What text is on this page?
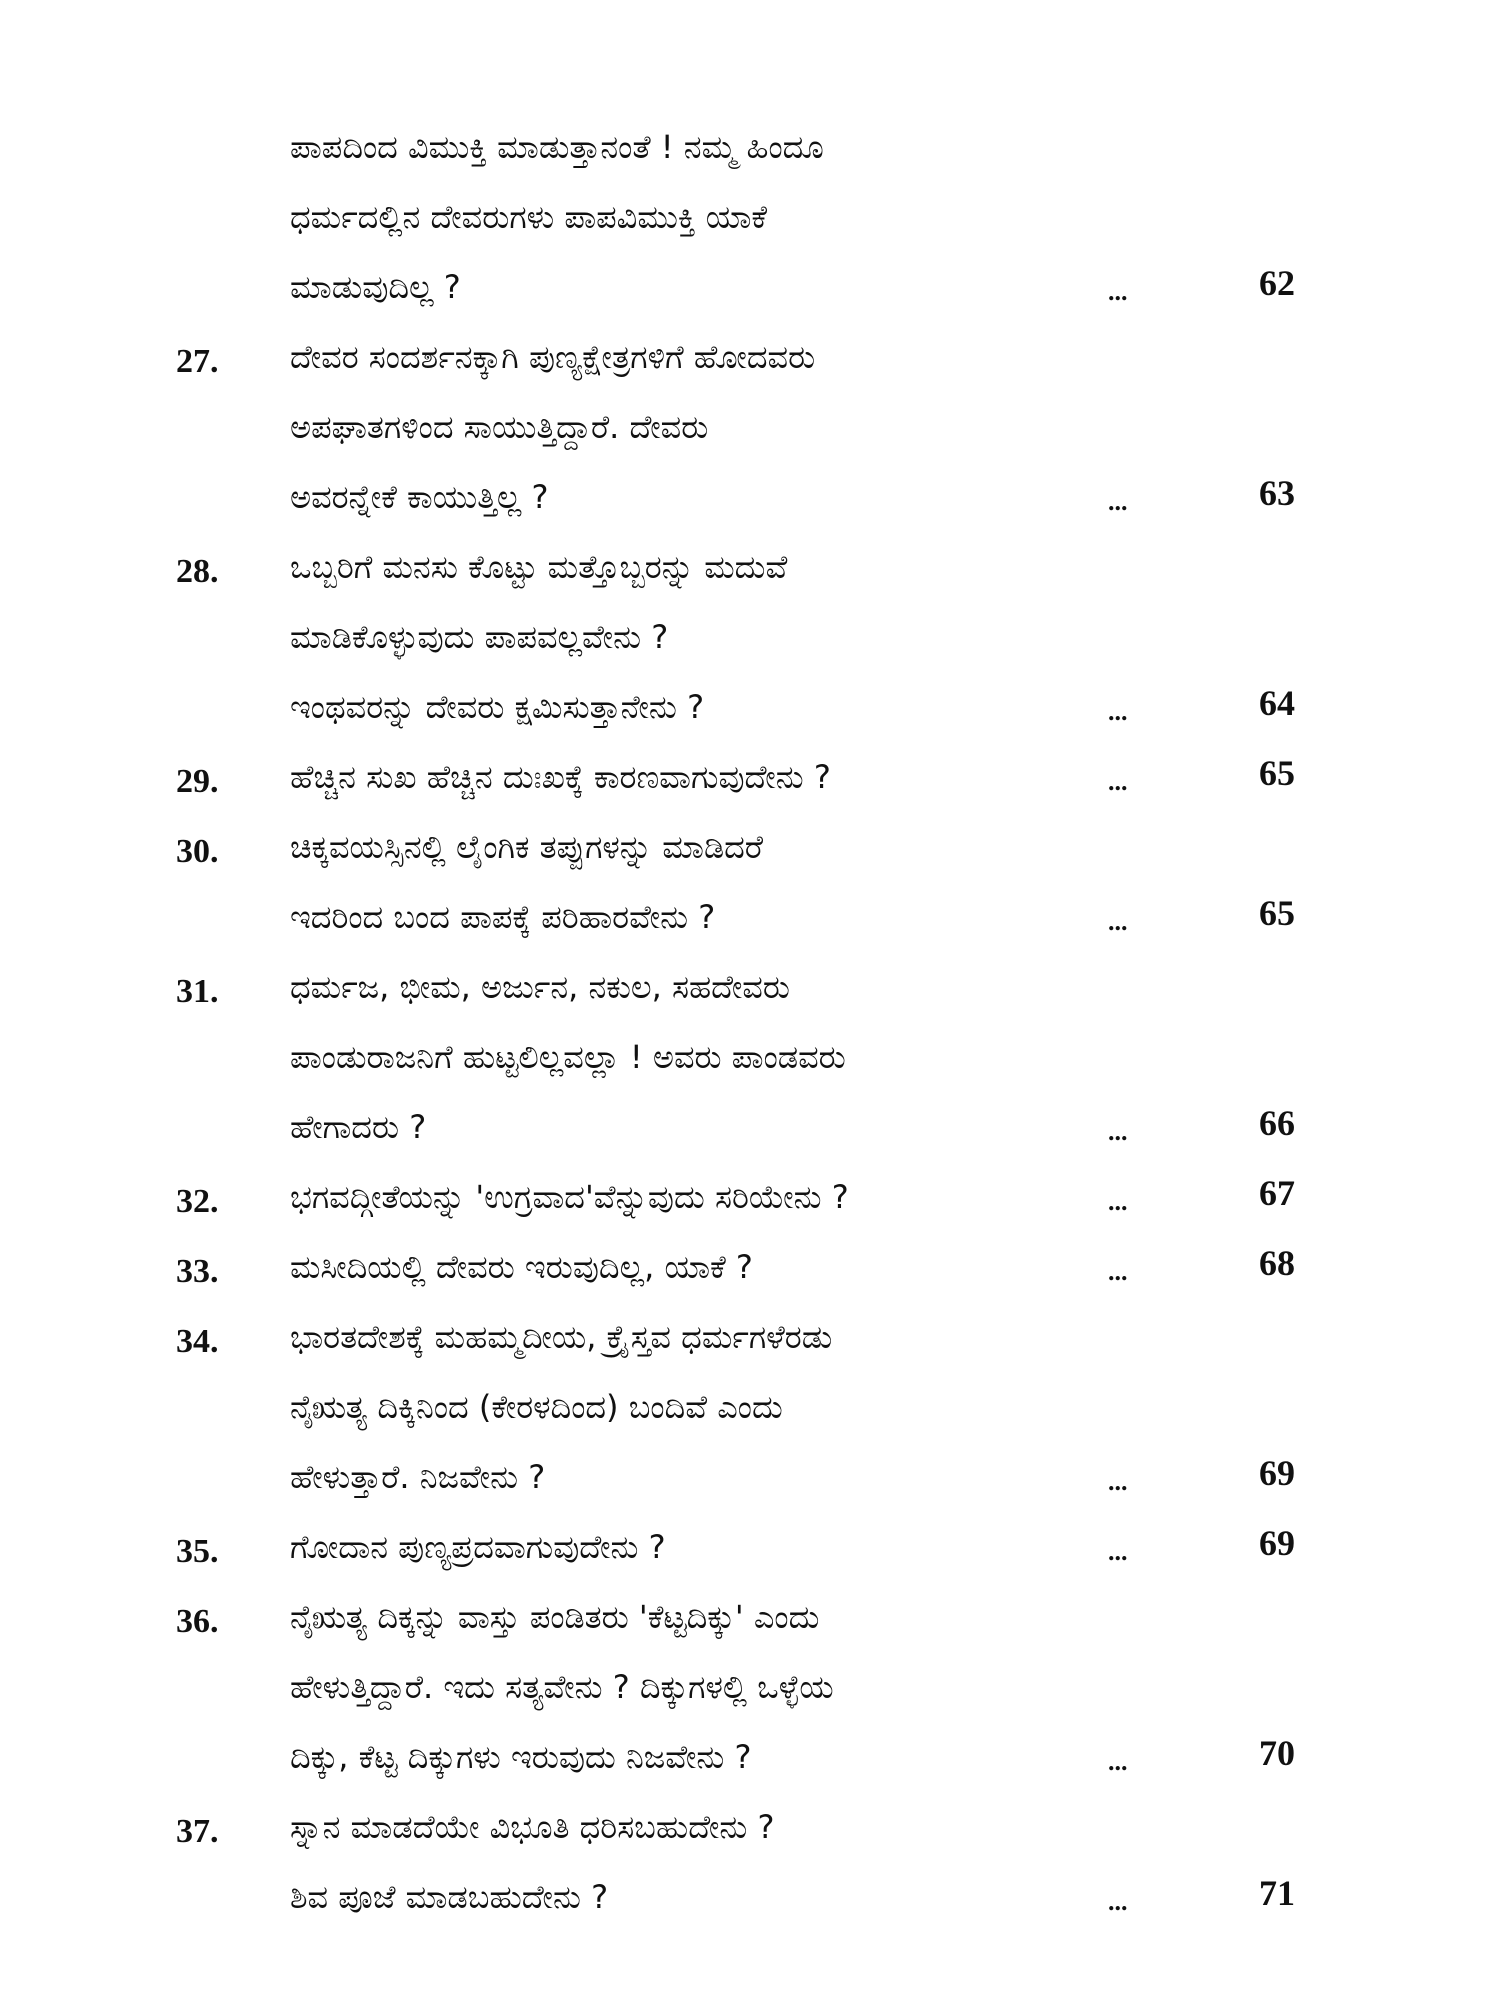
ಪಾಪದಿಂದ ವಿಮುಕ್ತಿ ಮಾಡುತ್ತಾನಂತೆ ! ನಮ್ಮ ಹಿಂದೂ
ಧರ್ಮದಲ್ಲಿನ ದೇವರುಗಳು ಪಾಪವಿಮುಕ್ತಿ ಯಾಕೆ
ಮಾಡುವುದಿಲ್ಲ ?	...	62
27.	ದೇವರ ಸಂದರ್ಶನಕ್ಕಾಗಿ ಪುಣ್ಯಕ್ಷೇತ್ರಗಳಿಗೆ ಹೋದವರು
ಅಪಘಾತಗಳಿಂದ ಸಾಯುತ್ತಿದ್ದಾರೆ. ದೇವರು
ಅವರನ್ನೇಕೆ ಕಾಯುತ್ತಿಲ್ಲ ?	...	63
28.	ಒಬ್ಬರಿಗೆ ಮನಸು ಕೊಟ್ಟು ಮತ್ತೊಬ್ಬರನ್ನು ಮದುವೆ
ಮಾಡಿಕೊಳ್ಳುವುದು ಪಾಪವಲ್ಲವೇನು ?
ಇಂಥವರನ್ನು ದೇವರು ಕ್ಷಮಿಸುತ್ತಾನೇನು ?	...	64
29.	ಹೆಚ್ಚಿನ ಸುಖ ಹೆಚ್ಚಿನ ದುಃಖಕ್ಕೆ ಕಾರಣವಾಗುವುದೇನು ?	...	65
30.	ಚಿಕ್ಕವಯಸ್ಸಿನಲ್ಲಿ ಲೈಂಗಿಕ ತಪ್ಪುಗಳನ್ನು ಮಾಡಿದರೆ
ಇದರಿಂದ ಬಂದ ಪಾಪಕ್ಕೆ ಪರಿಹಾರವೇನು ?	...	65
31.	ಧರ್ಮಜ, ಭೀಮ, ಅರ್ಜುನ, ನಕುಲ, ಸಹದೇವರು
ಪಾಂಡುರಾಜನಿಗೆ ಹುಟ್ಟಲಿಲ್ಲವಲ್ಲಾ ! ಅವರು ಪಾಂಡವರು
ಹೇಗಾದರು ?	...	66
32.	ಭಗವದ್ಗೀತೆಯನ್ನು 'ಉಗ್ರವಾದ'ವೆನ್ನುವುದು ಸರಿಯೇನು ?	...	67
33.	ಮಸೀದಿಯಲ್ಲಿ ದೇವರು ಇರುವುದಿಲ್ಲ, ಯಾಕೆ ?	...	68
34.	ಭಾರತದೇಶಕ್ಕೆ ಮಹಮ್ಮದೀಯ, ಕ್ರೈಸ್ತವ ಧರ್ಮಗಳೆರಡು
ನೈಋತ್ಯ ದಿಕ್ಕಿನಿಂದ (ಕೇರಳದಿಂದ) ಬಂದಿವೆ ಎಂದು
ಹೇಳುತ್ತಾರೆ. ನಿಜವೇನು ?	...	69
35.	ಗೋದಾನ ಪುಣ್ಯಪ್ರದವಾಗುವುದೇನು ?	...	69
36.	ನೈಋತ್ಯ ದಿಕ್ಕನ್ನು ವಾಸ್ತು ಪಂಡಿತರು 'ಕೆಟ್ಟದಿಕ್ಕು' ಎಂದು
ಹೇಳುತ್ತಿದ್ದಾರೆ. ಇದು ಸತ್ಯವೇನು ? ದಿಕ್ಕುಗಳಲ್ಲಿ ಒಳ್ಳೆಯ
ದಿಕ್ಕು, ಕೆಟ್ಟ ದಿಕ್ಕುಗಳು ಇರುವುದು ನಿಜವೇನು ?	...	70
37.	ಸ್ನಾನ ಮಾಡದೆಯೇ ವಿಭೂತಿ ಧರಿಸಬಹುದೇನು ?
ಶಿವ ಪೂಜೆ ಮಾಡಬಹುದೇನು ?	...	71
